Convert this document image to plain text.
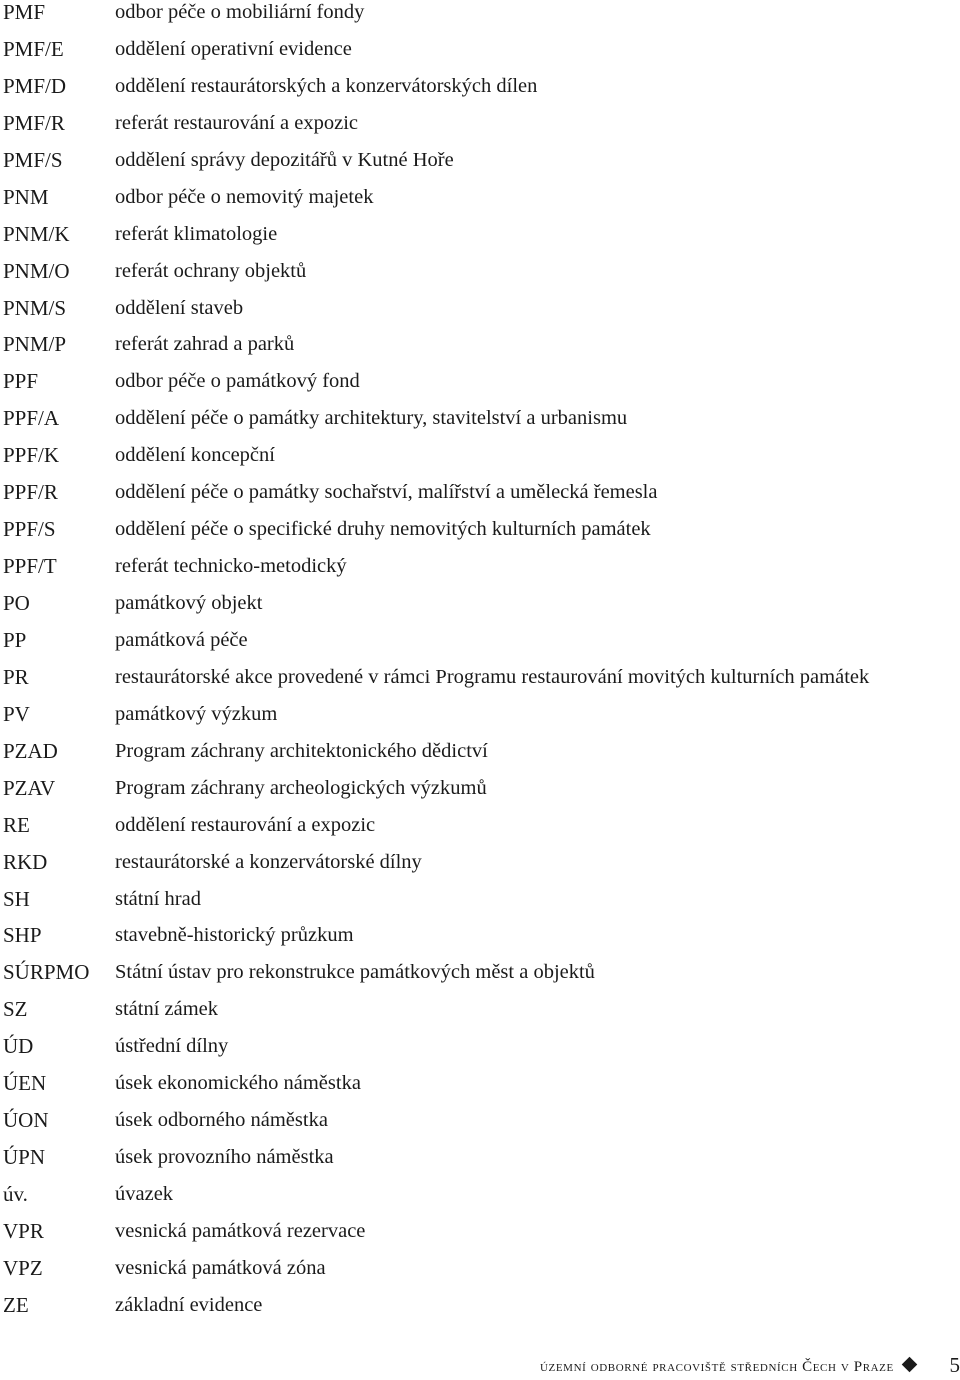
PMF	odbor péče o mobiliární fondy
PMF/E	oddělení operativní evidence
PMF/D oddělení restaurátorských a konzervátorských dílen
PMF/R referát restaurování a expozic
PMF/S	oddělení správy depozitářů v Kutné Hoře
PNM	odbor péče o nemovitý majetek
PNM/K referát klimatologie
PNM/O referát ochrany objektů
PNM/S oddělení staveb
PNM/P referát zahrad a parků
PPF	odbor péče o památkový fond
PPF/A	oddělení péče o památky architektury, stavitelství a urbanismu
PPF/K	oddělení koncepční
PPF/R	oddělení péče o památky sochařství, malířství a umělecká řemesla
PPF/S	oddělení péče o specifické druhy nemovitých kulturních památek
PPF/T	referát technicko-metodický
PO	památkový objekt
PP	památková péče
PR	restaurátorské akce provedené v rámci Programu restaurování movitých kulturních památek
PV	památkový výzkum
PZAD	Program záchrany architektonického dědictví
PZAV	Program záchrany archeologických výzkumů
RE	oddělení restaurování a expozic
RKD	restaurátorské a konzervátorské dílny
SH	státní hrad
SHP	stavebně-historický průzkum
SÚRPMO Státní ústav pro rekonstrukce památkových měst a objektů
SZ	státní zámek
ÚD	ústřední dílny
ÚEN	úsek ekonomického náměstka
ÚON	úsek odborného náměstka
ÚPN	úsek provozního náměstka
úv.	úvazek
VPR	vesnická památková rezervace
VPZ	vesnická památková zóna
ZE	základní evidence
územní odborné pracoviště středních Čech v Praze	5
